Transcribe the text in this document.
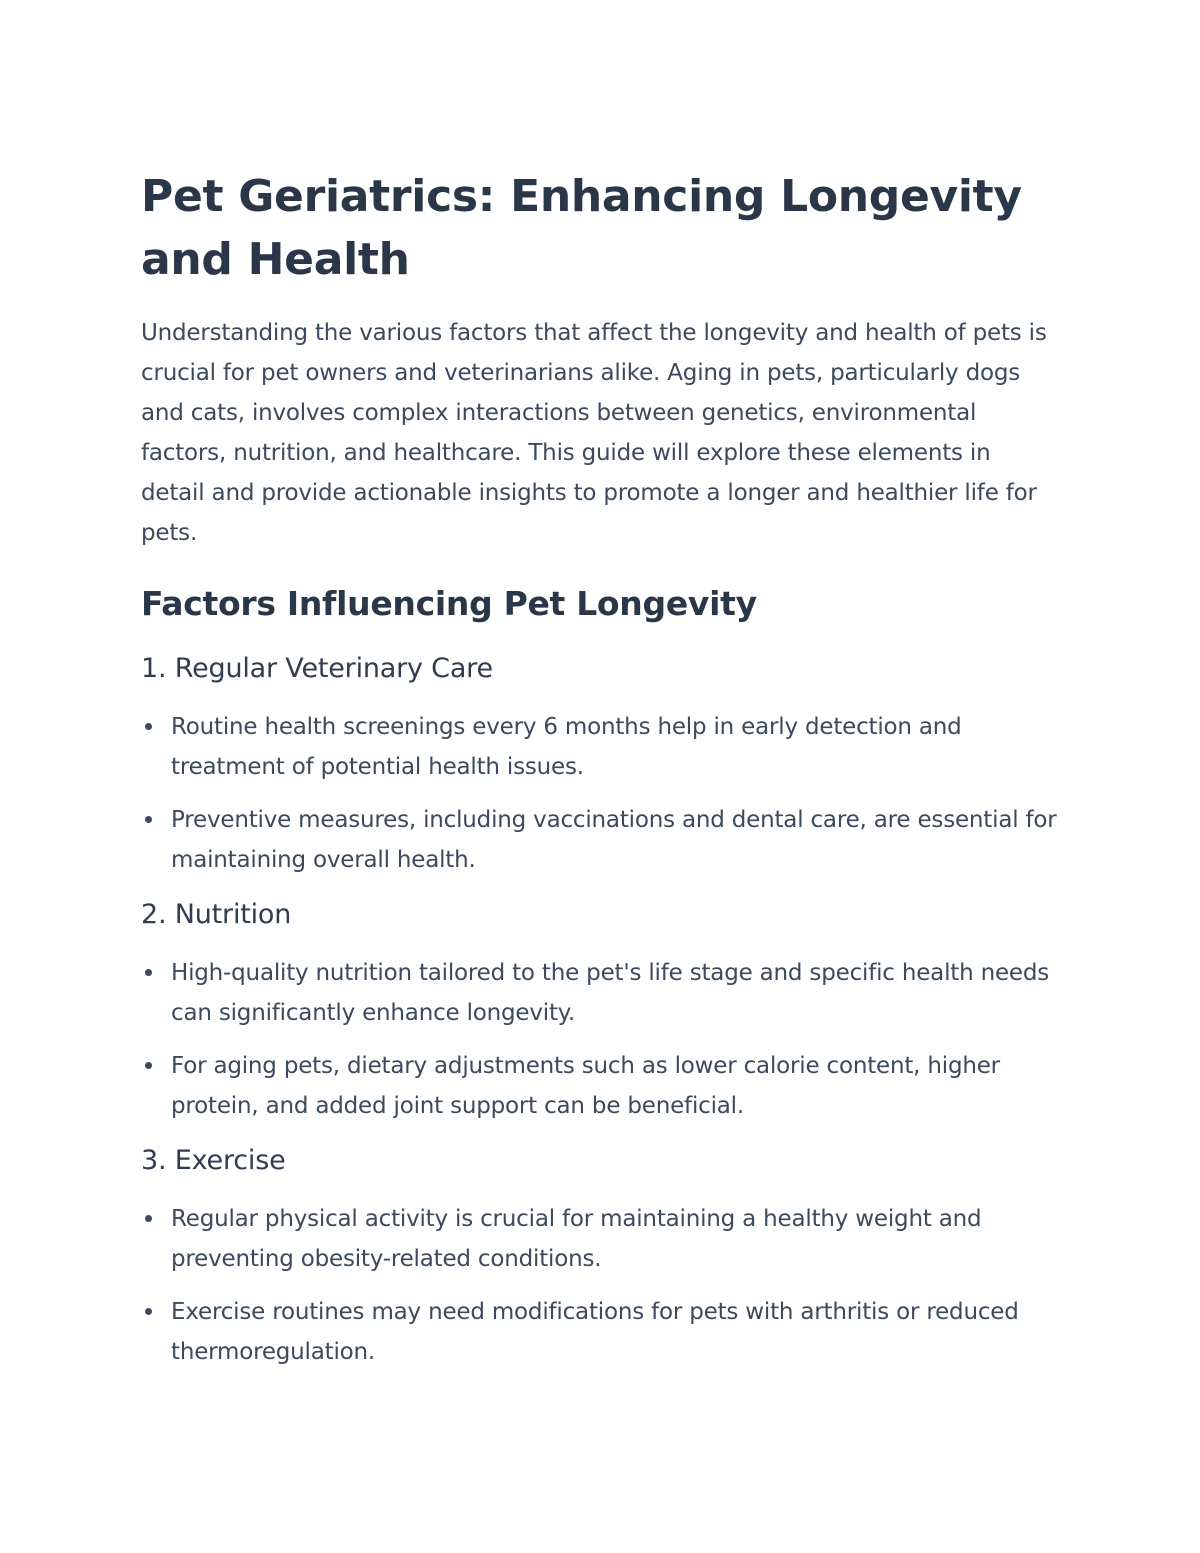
Pet Geriatrics: Enhancing Longevity and Health

Understanding the various factors that affect the longevity and health of pets is crucial for pet owners and veterinarians alike. Aging in pets, particularly dogs and cats, involves complex interactions between genetics, environmental factors, nutrition, and healthcare. This guide will explore these elements in detail and provide actionable insights to promote a longer and healthier life for pets.

Factors Influencing Pet Longevity
1. Regular Veterinary Care
Routine health screenings every 6 months help in early detection and treatment of potential health issues.
Preventive measures, including vaccinations and dental care, are essential for maintaining overall health.
2. Nutrition
High-quality nutrition tailored to the pet's life stage and specific health needs can significantly enhance longevity.
For aging pets, dietary adjustments such as lower calorie content, higher protein, and added joint support can be beneficial.
3. Exercise
Regular physical activity is crucial for maintaining a healthy weight and preventing obesity-related conditions.
Exercise routines may need modifications for pets with arthritis or reduced thermoregulation.
